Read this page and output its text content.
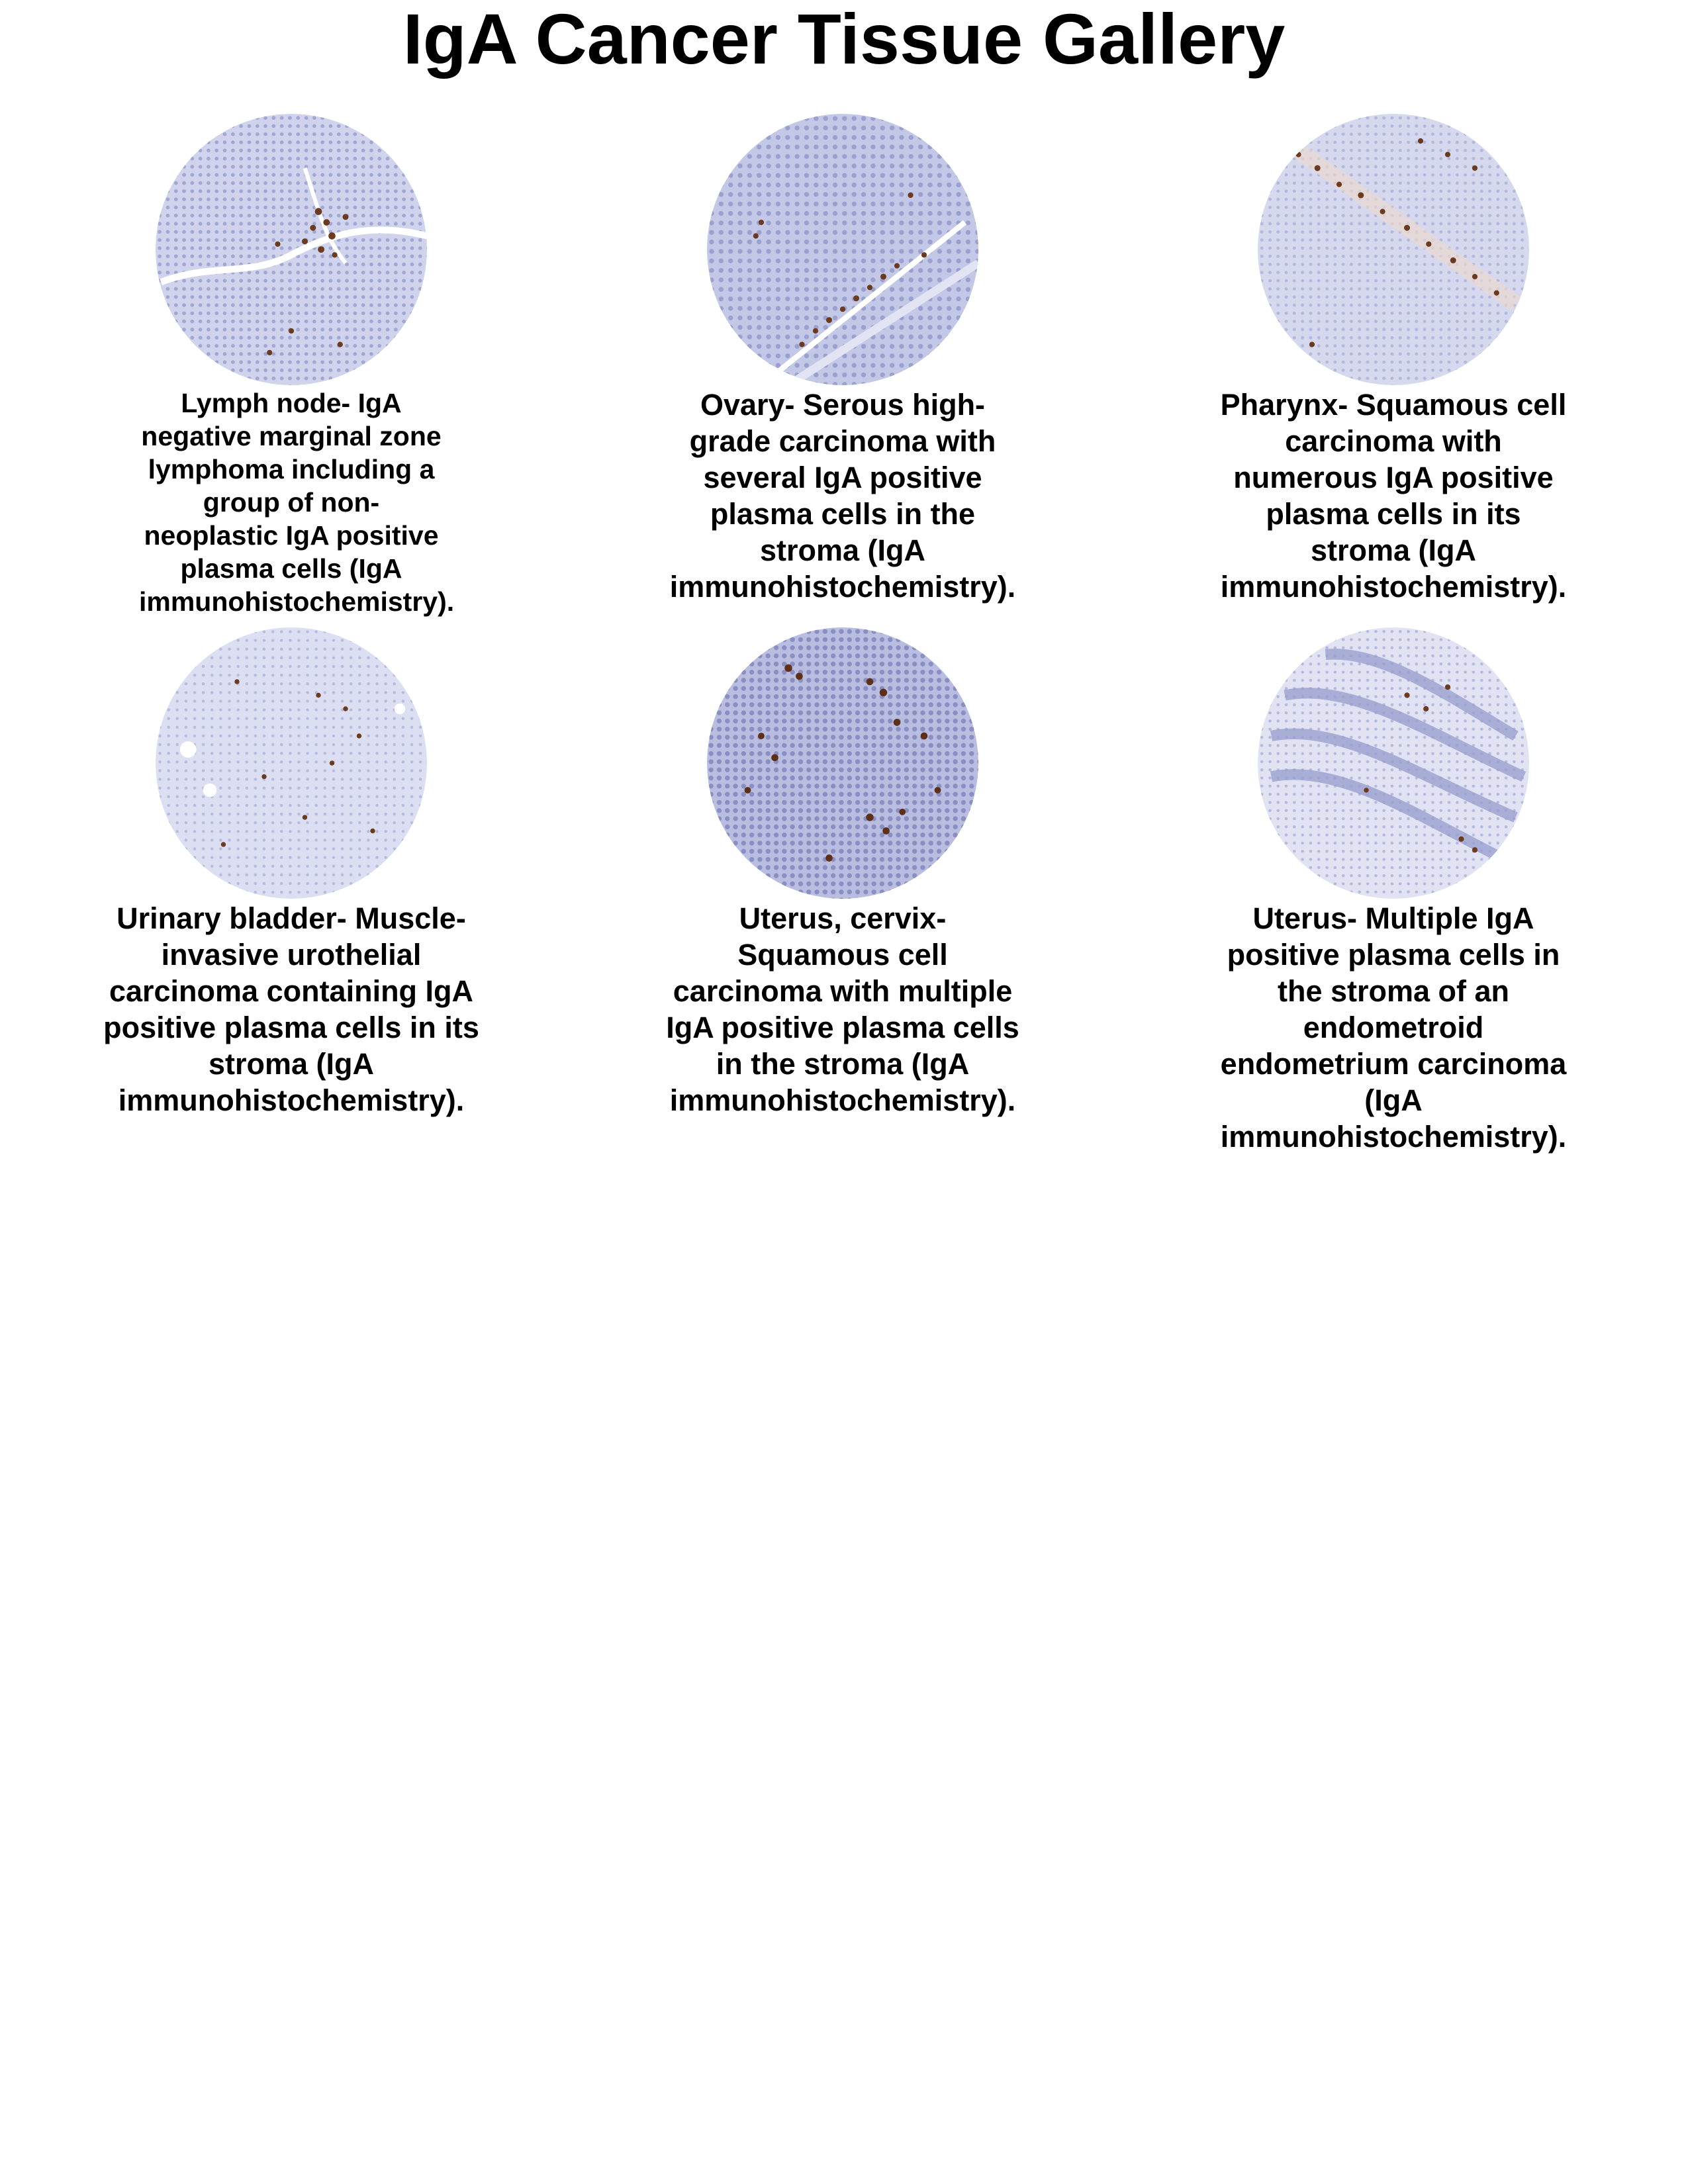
IgA Cancer Tissue Gallery

Lymph node- IgA negative marginal zone lymphoma including a group of non- neoplastic IgA positive plasma cells (IgA immunohistochemistry).

Ovary- Serous high- grade carcinoma with several IgA positive plasma cells in the stroma (IgA immunohistochemistry).

Pharynx- Squamous cell carcinoma with numerous IgA positive plasma cells in its stroma (IgA immunohistochemistry).

Urinary bladder- Muscle- invasive urothelial carcinoma containing IgA positive plasma cells in its stroma (IgA immunohistochemistry).

Uterus, cervix- Squamous cell carcinoma with multiple IgA positive plasma cells in the stroma (IgA immunohistochemistry).

Uterus- Multiple IgA positive plasma cells in the stroma of an endometroid endometrium carcinoma (IgA immunohistochemistry).
